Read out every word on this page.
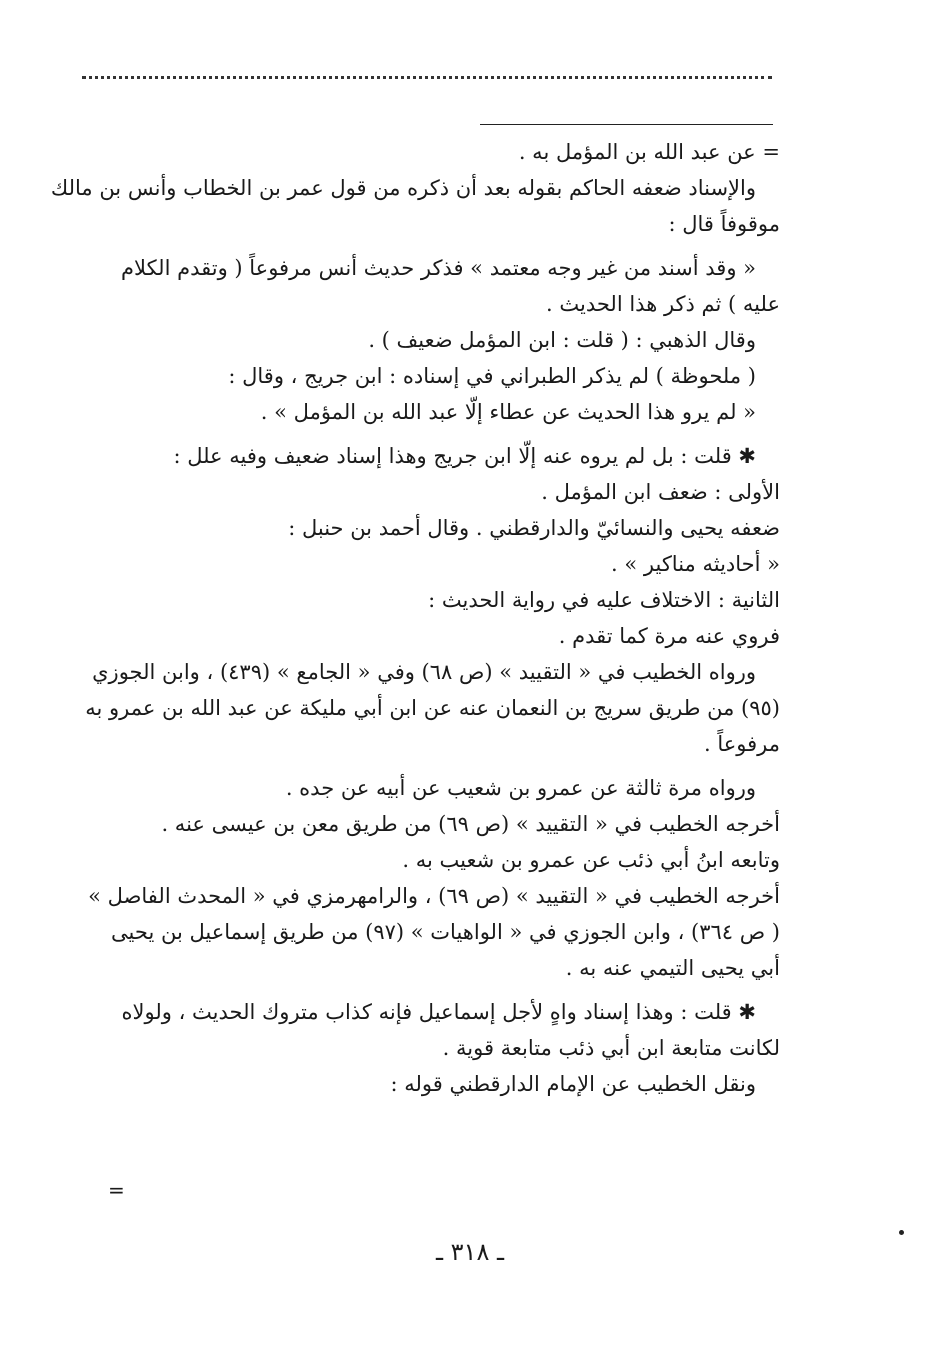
= عن عبد الله بن المؤمل به .
والإسناد ضعفه الحاكم بقوله بعد أن ذكره من قول عمر بن الخطاب وأنس بن مالك
موقوفاً قال :
« وقد أسند من غير وجه معتمد » فذكر حديث أنس مرفوعاً ( وتقدم الكلام
عليه ) ثم ذكر هذا الحديث .
وقال الذهبي : ( قلت : ابن المؤمل ضعيف ) .
( ملحوظة ) لم يذكر الطبراني في إسناده : ابن جريج ، وقال :
« لم يرو هذا الحديث عن عطاء إلّا عبد الله بن المؤمل » .
✱ قلت : بل لم يروه عنه إلّا ابن جريج وهذا إسناد ضعيف وفيه علل :
الأولى : ضعف ابن المؤمل .
ضعفه يحيى والنسائيّ والدارقطني . وقال أحمد بن حنبل :
« أحاديثه مناكير » .
الثانية : الاختلاف عليه في رواية الحديث :
فروي عنه مرة كما تقدم .
ورواه الخطيب في « التقييد » (ص ٦٨) وفي « الجامع » (٤٣٩) ، وابن الجوزي
(٩٥) من طريق سريج بن النعمان عنه عن ابن أبي مليكة عن عبد الله بن عمرو به
مرفوعاً .
ورواه مرة ثالثة عن عمرو بن شعيب عن أبيه عن جده .
أخرجه الخطيب في « التقييد » (ص ٦٩) من طريق معن بن عيسى عنه .
وتابعه ابنُ أبي ذئب عن عمرو بن شعيب به .
أخرجه الخطيب في « التقييد » (ص ٦٩) ، والرامهرمزي في « المحدث الفاصل »
( ص ٣٦٤) ، وابن الجوزي في « الواهيات » (٩٧) من طريق إسماعيل بن يحيى
أبي يحيى التيمي عنه به .
✱ قلت : وهذا إسناد واهٍ لأجل إسماعيل فإنه كذاب متروك الحديث ، ولولاه
لكانت متابعة ابن أبي ذئب متابعة قوية .
ونقل الخطيب عن الإمام الدارقطني قوله :
=
ـ ٣١٨ ـ
